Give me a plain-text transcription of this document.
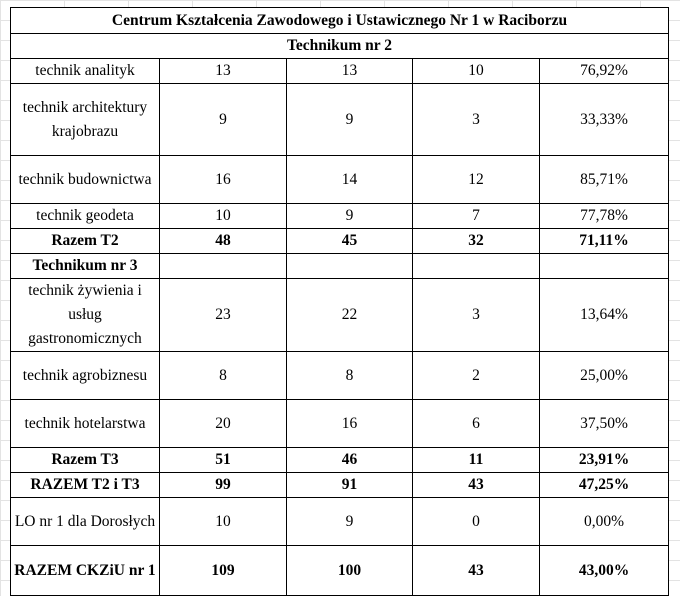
Centrum Kształcenia Zawodowego i Ustawicznego Nr 1 w Raciborzu				
Technikum nr 2				
technik analityk	13	13	10	76,92%
technik architektury krajobrazu	9	9	3	33,33%
technik budownictwa	16	14	12	85,71%
technik geodeta	10	9	7	77,78%
Razem T2	48	45	32	71,11%
Technikum nr 3				
technik żywienia i usług gastronomicznych	23	22	3	13,64%
technik agrobiznesu	8	8	2	25,00%
technik hotelarstwa	20	16	6	37,50%
Razem T3	51	46	11	23,91%
RAZEM T2 i T3	99	91	43	47,25%
LO nr 1 dla Dorosłych	10	9	0	0,00%
RAZEM CKZiU nr 1	109	100	43	43,00%
